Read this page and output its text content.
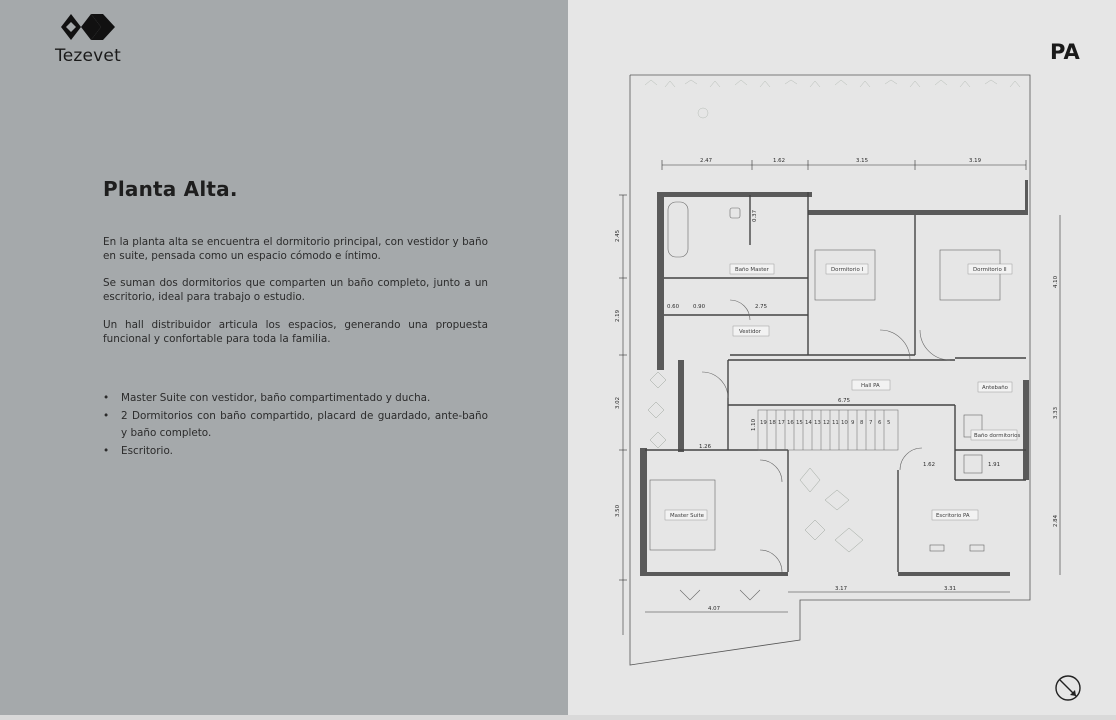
Tezevet
Planta Alta.

En la planta alta se encuentra el dormitorio principal, con vestidor y baño en suite, pensada como un espacio cómodo e íntimo.

Se suman dos dormitorios que comparten un baño completo, junto a un escritorio, ideal para trabajo o estudio.

Un hall distribuidor articula los espacios, generando una propuesta funcional y confortable para toda la familia.

• Master Suite con vestidor, baño compartimentado y ducha.
• 2 Dormitorios con baño compartido, placard de guardado, ante-baño y baño completo.
• Escritorio.
PA
19 18 17 16 15 14 13 12 11 10 9 8 7 6 5
Baño Master	Dormitorio I	Dormitorio II
Vestidor
Hall PA	Antebaño
Baño dormitorios
Master Suite	Escritorio PA
2.47	1.62	3.15	3.19
2.45
2.19
3.02
3.50
4.10
3.33
2.84
0.60	0.90	2.75
6.75
1.10
1.26
1.62	1.91
0.37
4.07
3.17	3.31
